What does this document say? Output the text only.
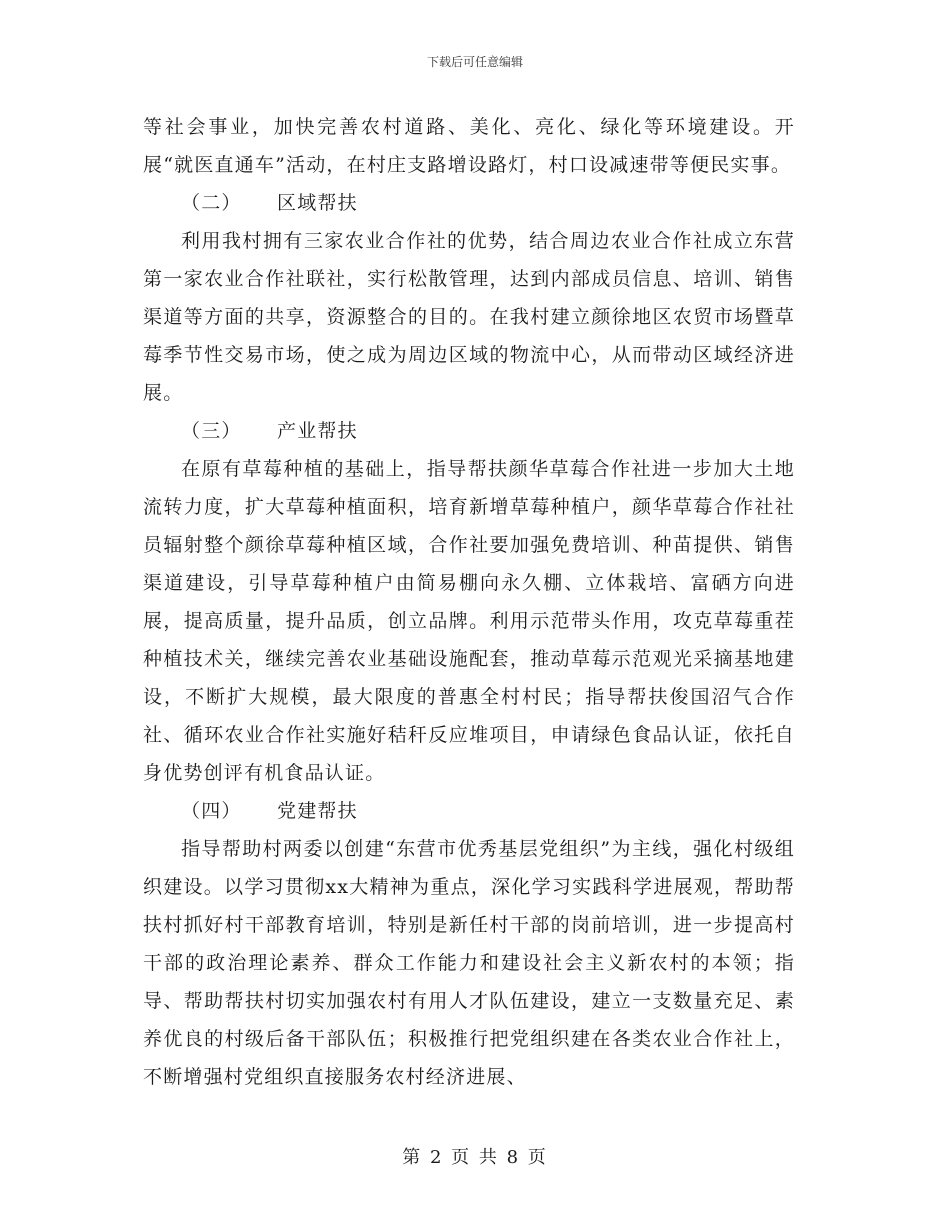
下载后可任意编辑

等社会事业，加快完善农村道路、美化、亮化、绿化等环境建设。开展“就医直通车”活动，在村庄支路增设路灯，村口设减速带等便民实事。

（二） 区域帮扶

利用我村拥有三家农业合作社的优势，结合周边农业合作社成立东营第一家农业合作社联社，实行松散管理，达到内部成员信息、培训、销售渠道等方面的共享，资源整合的目的。在我村建立颜徐地区农贸市场暨草莓季节性交易市场，使之成为周边区域的物流中心，从而带动区域经济进展。

（三） 产业帮扶

在原有草莓种植的基础上，指导帮扶颜华草莓合作社进一步加大土地流转力度，扩大草莓种植面积，培育新增草莓种植户，颜华草莓合作社社员辐射整个颜徐草莓种植区域，合作社要加强免费培训、种苗提供、销售渠道建设，引导草莓种植户由简易棚向永久棚、立体栽培、富硒方向进展，提高质量，提升品质，创立品牌。利用示范带头作用，攻克草莓重茬种植技术关，继续完善农业基础设施配套，推动草莓示范观光采摘基地建设，不断扩大规模，最大限度的普惠全村村民；指导帮扶俊国沼气合作社、循环农业合作社实施好秸秆反应堆项目，申请绿色食品认证，依托自身优势创评有机食品认证。

（四） 党建帮扶

指导帮助村两委以创建“东营市优秀基层党组织”为主线，强化村级组织建设。以学习贯彻xx大精神为重点，深化学习实践科学进展观，帮助帮扶村抓好村干部教育培训，特别是新任村干部的岗前培训，进一步提高村干部的政治理论素养、群众工作能力和建设社会主义新农村的本领；指导、帮助帮扶村切实加强农村有用人才队伍建设，建立一支数量充足、素养优良的村级后备干部队伍；积极推行把党组织建在各类农业合作社上，不断增强村党组织直接服务农村经济进展、

第 2 页 共 8 页
